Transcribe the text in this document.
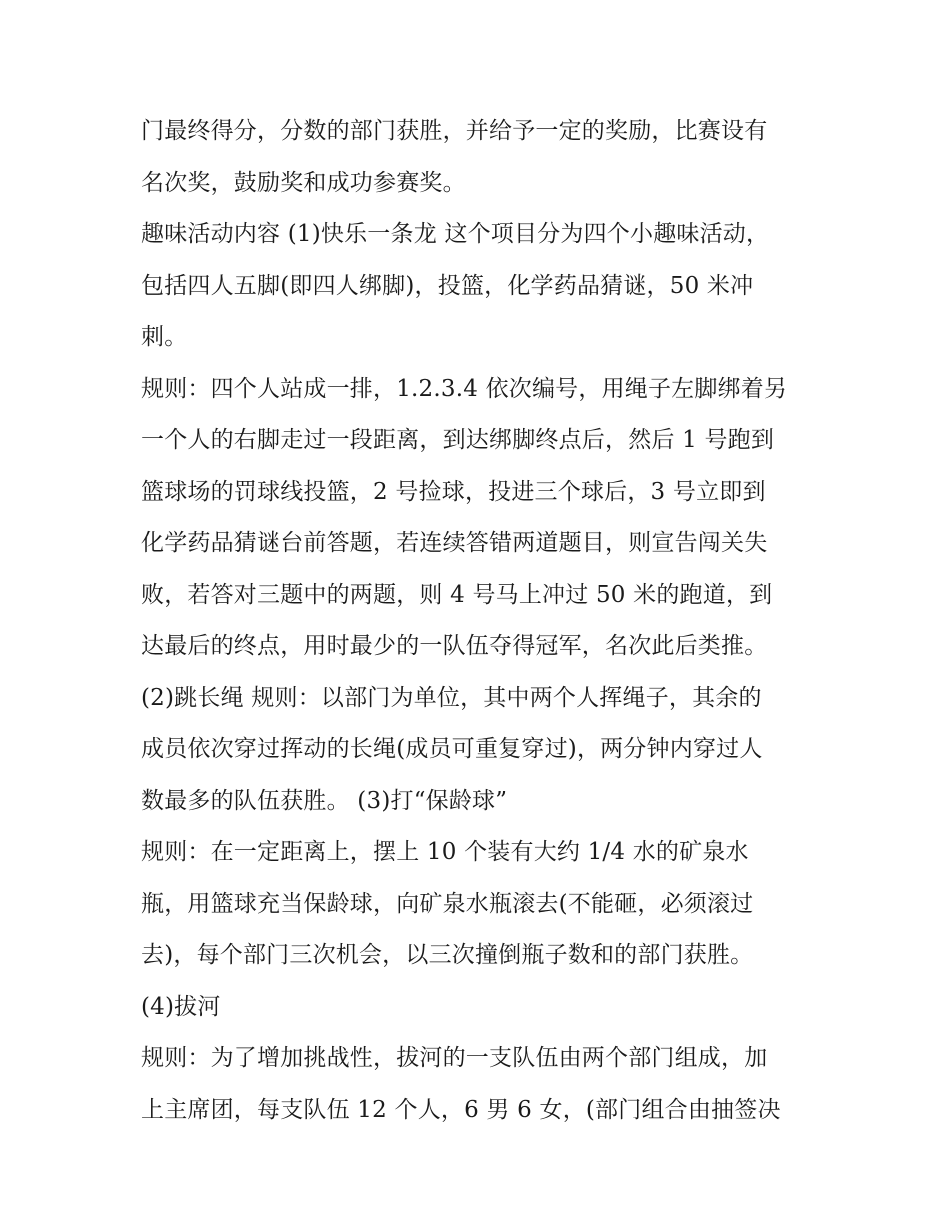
门最终得分，分数的部门获胜，并给予一定的奖励，比赛设有
名次奖，鼓励奖和成功参赛奖。
趣味活动内容 (1)快乐一条龙 这个项目分为四个小趣味活动，
包括四人五脚(即四人绑脚)，投篮，化学药品猜谜，50 米冲
刺。
规则：四个人站成一排，1.2.3.4 依次编号，用绳子左脚绑着另
一个人的右脚走过一段距离，到达绑脚终点后，然后 1 号跑到
篮球场的罚球线投篮，2 号捡球，投进三个球后，3 号立即到
化学药品猜谜台前答题，若连续答错两道题目，则宣告闯关失
败，若答对三题中的两题，则 4 号马上冲过 50 米的跑道，到
达最后的终点，用时最少的一队伍夺得冠军，名次此后类推。
(2)跳长绳 规则：以部门为单位，其中两个人挥绳子，其余的
成员依次穿过挥动的长绳(成员可重复穿过)，两分钟内穿过人
数最多的队伍获胜。 (3)打“保龄球”
规则：在一定距离上，摆上 10 个装有大约 1/4 水的矿泉水
瓶，用篮球充当保龄球，向矿泉水瓶滚去(不能砸，必须滚过
去)，每个部门三次机会，以三次撞倒瓶子数和的部门获胜。
(4)拔河
规则：为了增加挑战性，拔河的一支队伍由两个部门组成，加
上主席团，每支队伍 12 个人，6 男 6 女，(部门组合由抽签决
